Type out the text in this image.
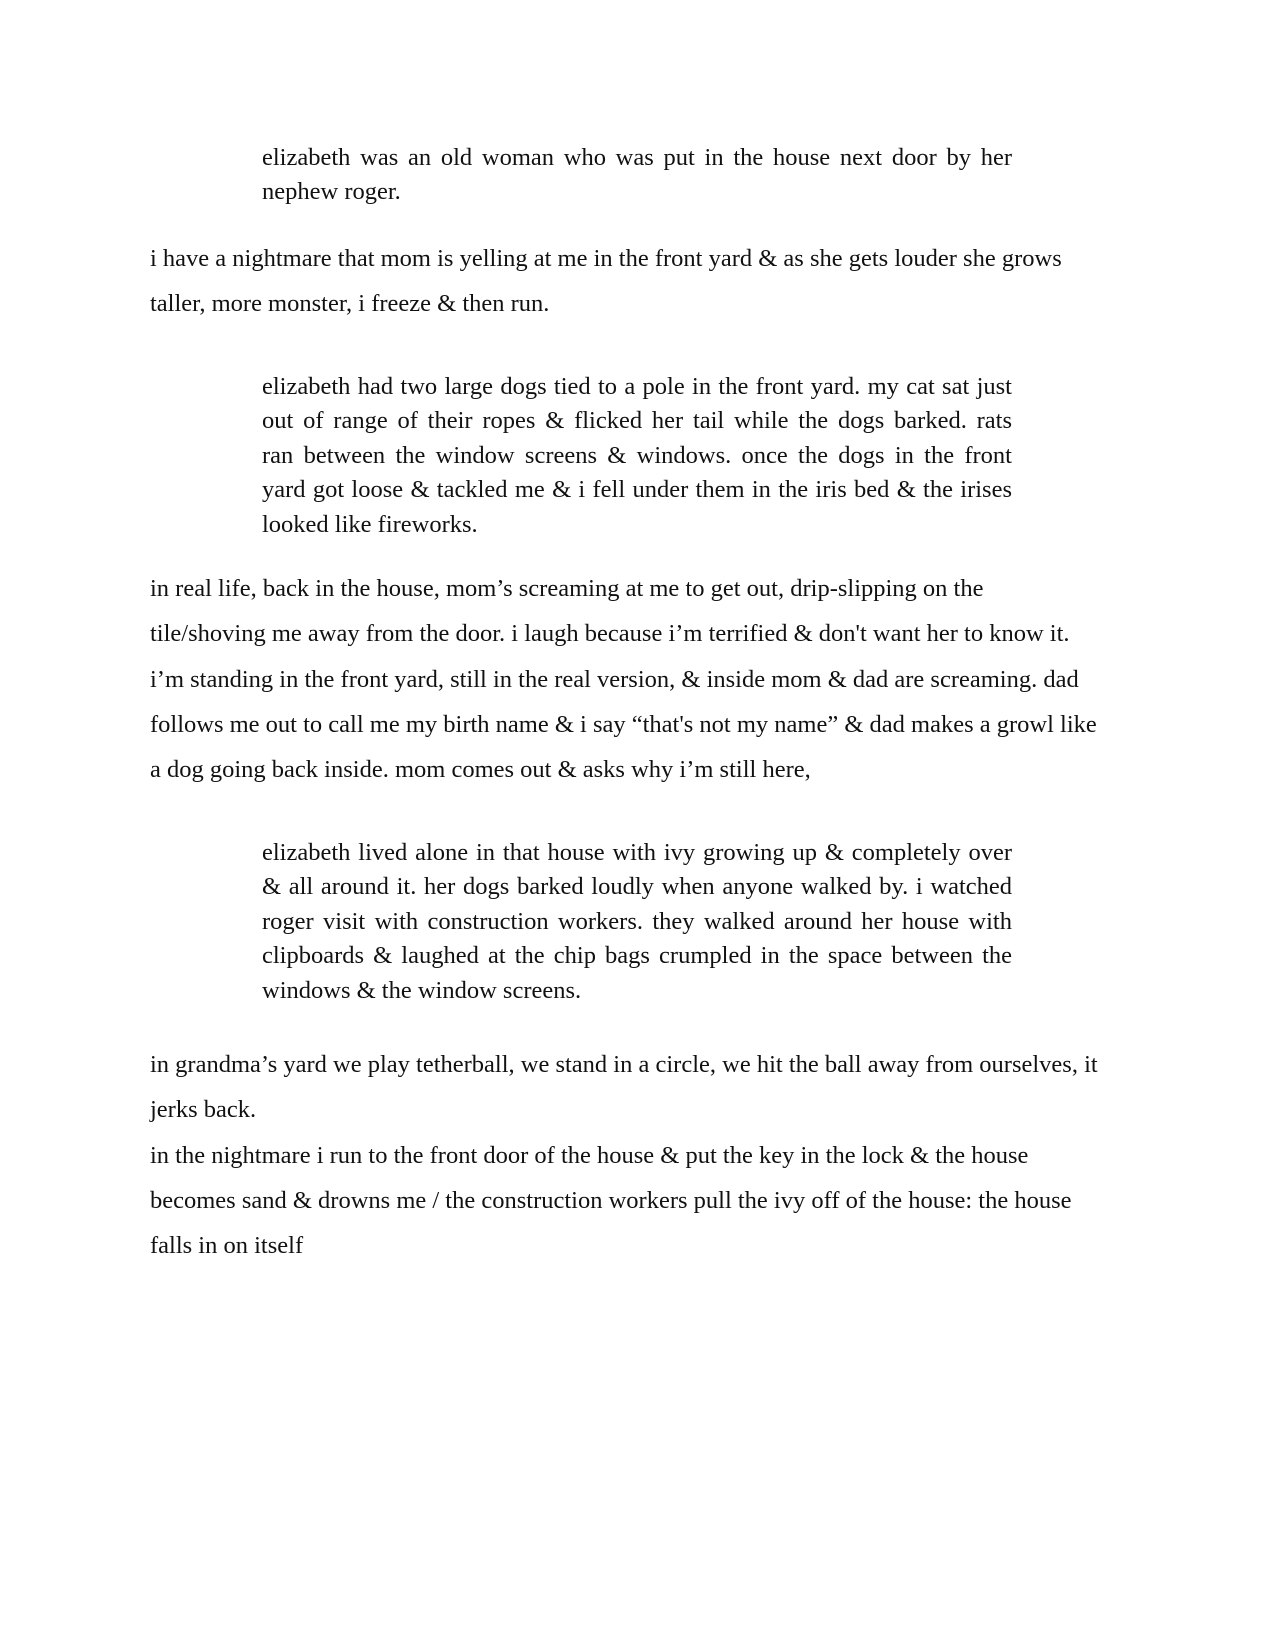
elizabeth was an old woman who was put in the house next door by her
nephew roger.
i have a nightmare that mom is yelling at me in the front yard & as she gets louder she grows
taller, more monster, i freeze & then run.
elizabeth had two large dogs tied to a pole in the front yard. my cat sat just
out of range of their ropes & flicked her tail while the dogs barked. rats
ran between the window screens & windows. once the dogs in the front
yard got loose & tackled me & i fell under them in the iris bed & the irises
looked like fireworks.
in real life, back in the house, mom’s screaming at me to get out, drip-slipping on the
tile/shoving me away from the door. i laugh because i’m terrified & don't want her to know it.
i’m standing in the front yard, still in the real version, & inside mom & dad are screaming. dad
follows me out to call me my birth name & i say “that's not my name” & dad makes a growl like
a dog going back inside. mom comes out & asks why i’m still here,
elizabeth lived alone in that house with ivy growing up & completely over
& all around it. her dogs barked loudly when anyone walked by. i watched
roger visit with construction workers. they walked around her house with
clipboards & laughed at the chip bags crumpled in the space between the
windows & the window screens.
in grandma’s yard we play tetherball, we stand in a circle, we hit the ball away from ourselves, it
jerks back.
in the nightmare i run to the front door of the house & put the key in the lock & the house
becomes sand & drowns me / the construction workers pull the ivy off of the house: the house
falls in on itself
